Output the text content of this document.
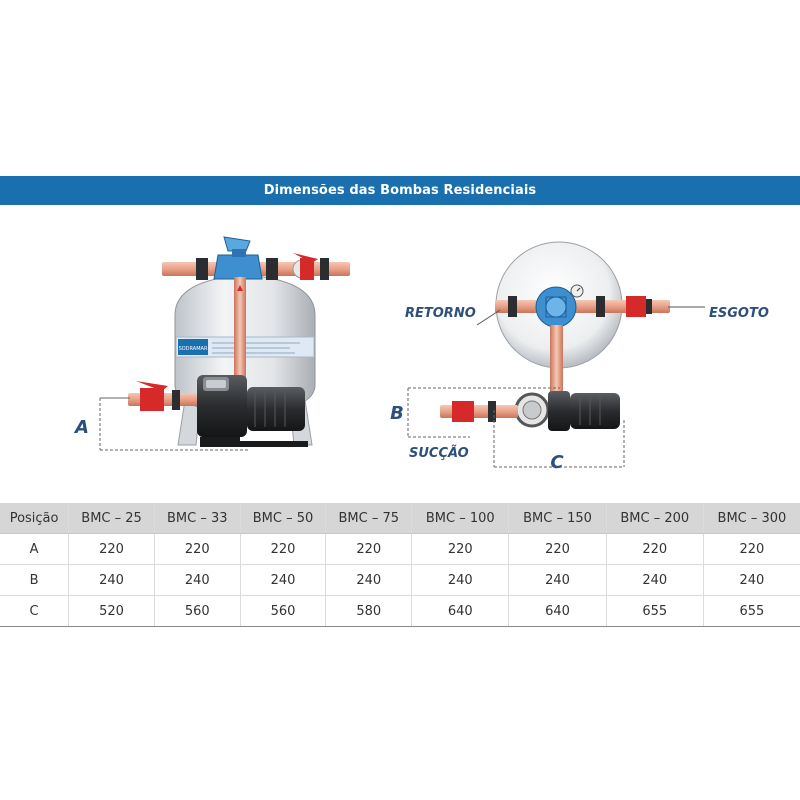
Dimensões das Bombas Residenciais
SODRAMAR
A
B
C
RETORNO	ESGOTO
SUCÇÃO
Posição	BMC – 25	BMC – 33	BMC – 50	BMC – 75	BMC – 100	BMC – 150	BMC – 200	BMC – 300
A	220	220	220	220	220	220	220	220
B	240	240	240	240	240	240	240	240
C	520	560	560	580	640	640	655	655
